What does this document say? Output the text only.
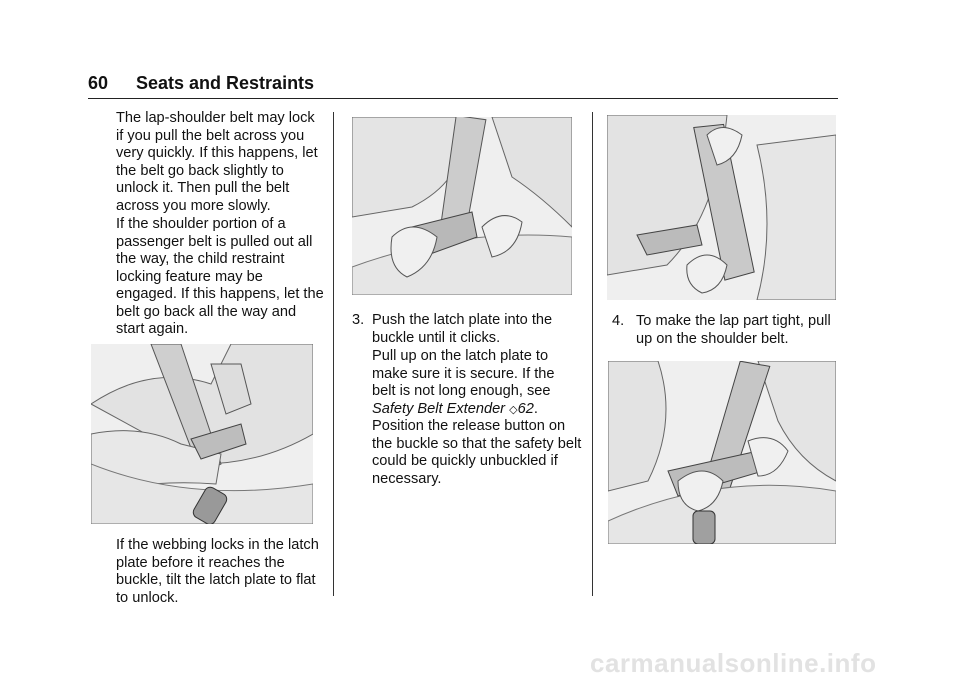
60 Seats and Restraints

The lap-shoulder belt may lock if you pull the belt across you very quickly. If this happens, let the belt go back slightly to unlock it. Then pull the belt across you more slowly.

If the shoulder portion of a passenger belt is pulled out all the way, the child restraint locking feature may be engaged. If this happens, let the belt go back all the way and start again.

If the webbing locks in the latch plate before it reaches the buckle, tilt the latch plate to flat to unlock.

3. Push the latch plate into the buckle until it clicks.

Pull up on the latch plate to make sure it is secure. If the belt is not long enough, see Safety Belt Extender ◇62.

Position the release button on the buckle so that the safety belt could be quickly unbuckled if necessary.

4. To make the lap part tight, pull up on the shoulder belt.

carmanualsonline.info
